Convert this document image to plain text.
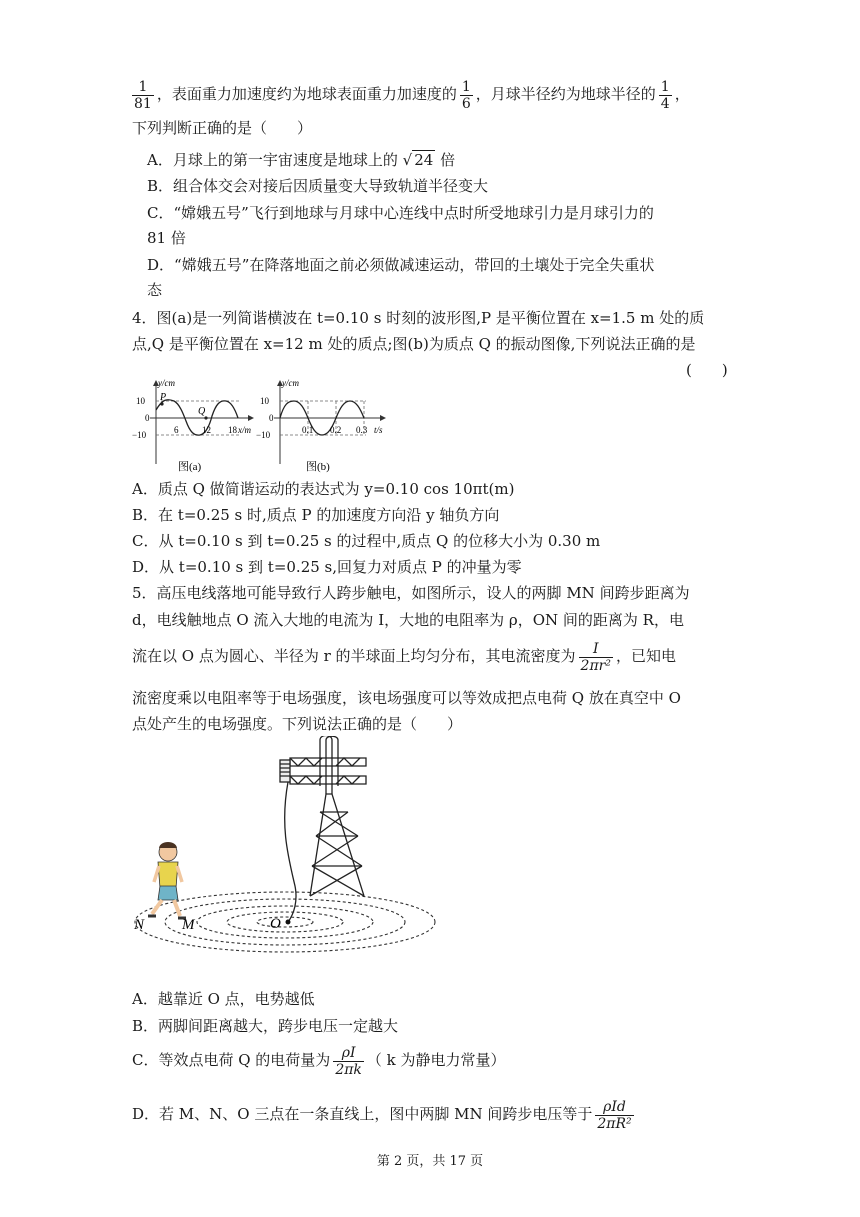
$\frac{1}{81}$ ，表面重力加速度约为地球表面重力加速度的 $\frac{1}{6}$ ，月球半径约为地球半径的 $\frac{1}{4}$ ，
下列判断正确的是（　　）
A．月球上的第一宇宙速度是地球上的 √ 24 倍
B．组合体交会对接后因质量变大导致轨道半径变大
C．“嫦娥五号”飞行到地球与月球中心连线中点时所受地球引力是月球引力的
81 倍
D．“嫦娥五号”在降落地面之前必须做减速运动，带回的土壤处于完全失重状
态
4．图(a)是一列简谐横波在 t=0.10 s 时刻的波形图,P 是平衡位置在 x=1.5 m 处的质
点,Q 是平衡位置在 x=12 m 处的质点;图(b)为质点 Q 的振动图像,下列说法正确的是
(　　)
y/cm
10
0
−10
P
Q
6	12 18 x/m
图(a)
y/cm
10
0
−10	0.1 0.2 0.3 t/s
图(b)
A．质点 Q 做简谐运动的表达式为 y=0.10 cos 10πt(m)
B．在 t=0.25 s 时,质点 P 的加速度方向沿 y 轴负方向
C．从 t=0.10 s 到 t=0.25 s 的过程中,质点 Q 的位移大小为 0.30 m
D．从 t=0.10 s 到 t=0.25 s,回复力对质点 P 的冲量为零
5．高压电线落地可能导致行人跨步触电，如图所示，设人的两脚 MN 间跨步距离为
d，电线触地点 O 流入大地的电流为 I，大地的电阻率为 ρ，ON 间的距离为 R，电
流在以 O 点为圆心、半径为 r 的半球面上均匀分布，其电流密度为 $\frac{I}{\text{2πr²}}$ ，已知电
流密度乘以电阻率等于电场强度，该电场强度可以等效成把点电荷 Q 放在真空中 O
点处产生的电场强度。下列说法正确的是（　　）
O
N	M
A．越靠近 O 点，电势越低
B．两脚间距离越大，跨步电压一定越大
C．等效点电荷 Q 的电荷量为 $\frac{\rho I}{2\pi k}$ （ k 为静电力常量）
D．若 M、N、O 三点在一条直线上，图中两脚 MN 间跨步电压等于 $\frac{\text{ρId}}{\text{2πR²}}$
第 2 页，共 17 页
